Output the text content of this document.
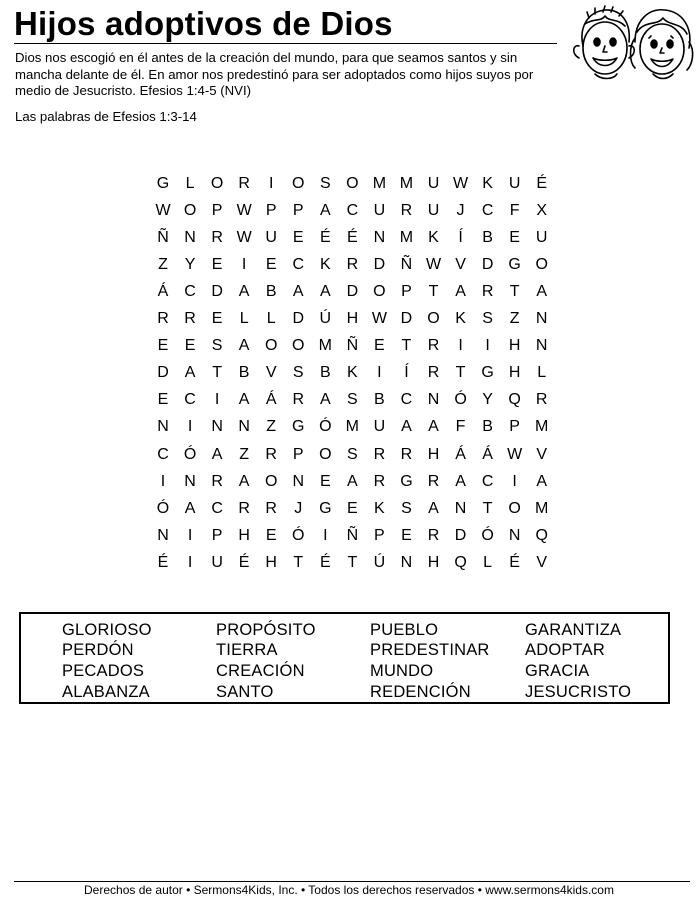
Hijos adoptivos de Dios
Dios nos escogió en él antes de la creación del mundo, para que seamos santos y sin mancha delante de él. En amor nos predestinó para ser adoptados como hijos suyos por medio de Jesucristo. Efesios 1:4-5 (NVI)
Las palabras de Efesios 1:3-14
G	L	O R	I	O S O M M U W K U É
W O P W P	P	A C U R U	J	C	F	X
Ñ N R W U E	É	É N M K	Í	B	E U
Z	Y	E	I	E C K R D Ñ W V D G O
Á C D A	B	A	A D O P	T	A R	T	A
R R E	L	L	D Ú H W D O K	S	Z	N
E	E	S	A O O M Ñ E	T	R	I	I	H N
D A	T	B	V	S	B	K	I	Í	R	T G H	L
E C	I	A	Á R A	S	B C N Ó Y Q R
N	I	N N	Z G Ó M U A	A	F	B	P M
C Ó A	Z	R P O S R R H Á	Á W V
I	N R A O N E	A R G R A C	I	A
Ó A C R R	J	G E	K	S	A N	T O M
N	I	P H E Ó	I	Ñ P	E R D Ó N Q
É	I	U É H	T	É	T	Ú N H Q	L	É	V
GLORIOSO	PROPÓSITO	PUEBLO	GARANTIZA
PERDÓN	TIERRA	PREDESTINAR ADOPTAR
PECADOS	CREACIÓN	MUNDO	GRACIA
ALABANZA	SANTO	REDENCIÓN	JESUCRISTO
Derechos de autor • Sermons4Kids, Inc. • Todos los derechos reservados • www.sermons4kids.com
